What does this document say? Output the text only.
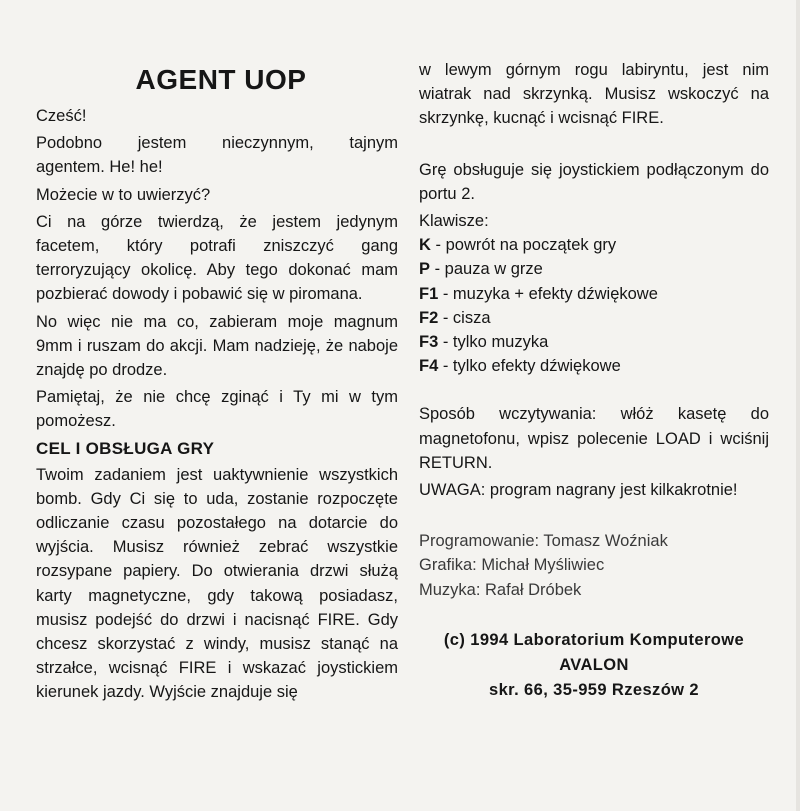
AGENT UOP
Cześć!
Podobno jestem nieczynnym, tajnym
agentem. He! he!
Możecie w to uwierzyć?
Ci na górze twierdzą, że jestem jedynym facetem, który potrafi zniszczyć gang terroryzujący okolicę. Aby tego dokonać mam pozbierać dowody i pobawić się w piromana.
No więc nie ma co, zabieram moje magnum 9mm i ruszam do akcji. Mam nadzieję, że naboje znajdę po drodze.
Pamiętaj, że nie chcę zginąć i Ty mi w tym pomożesz.
CEL I OBSŁUGA GRY
Twoim zadaniem jest uaktywnienie wszystkich bomb. Gdy Ci się to uda, zostanie rozpoczęte odliczanie czasu pozostałego na dotarcie do wyjścia. Musisz również zebrać wszystkie rozsypane papiery. Do otwierania drzwi służą karty magnetyczne, gdy takową posiadasz, musisz podejść do drzwi i nacisnąć FIRE. Gdy chcesz skorzystać z windy, musisz stanąć na strzałce, wcisnąć FIRE i wskazać joystickiem kierunek jazdy. Wyjście znajduje się
w lewym górnym rogu labiryntu, jest nim wiatrak nad skrzynką. Musisz wskoczyć na skrzynkę, kucnąć i wcisnąć FIRE.
Grę obsługuje się joystickiem podłączonym do portu 2.
Klawisze:
K - powrót na początek gry
P - pauza w grze
F1 - muzyka + efekty dźwiękowe
F2 - cisza
F3 - tylko muzyka
F4 - tylko efekty dźwiękowe
Sposób wczytywania: włóż kasetę do magnetofonu, wpisz polecenie LOAD i wciśnij RETURN.
UWAGA: program nagrany jest kilkakrotnie!
Programowanie: Tomasz Woźniak
Grafika: Michał Myśliwiec
Muzyka: Rafał Dróbek
(c) 1994 Laboratorium Komputerowe
AVALON
skr. 66, 35-959 Rzeszów 2
